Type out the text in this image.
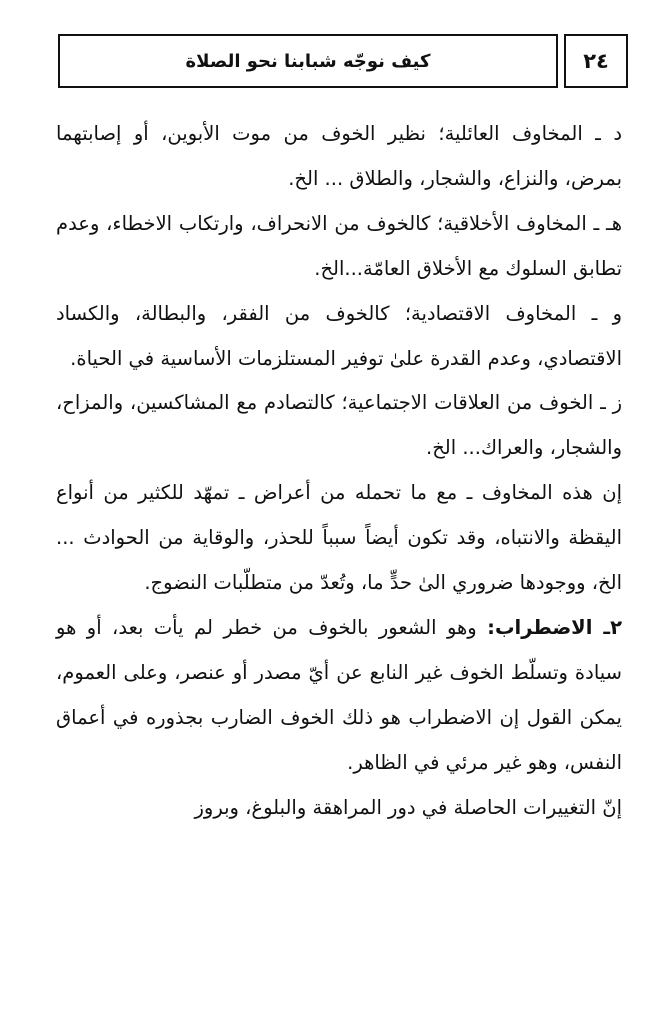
٢٤
كيف نوجّه شبابنا نحو الصلاة

د ـ المخاوف العائلية؛ نظير الخوف من موت الأبوين، أو إصابتهما بمرض، والنزاع، والشجار، والطلاق ... الخ.

هـ ـ المخاوف الأخلاقية؛ كالخوف من الانحراف، وارتكاب الاخطاء، وعدم تطابق السلوك مع الأخلاق العامّة...الخ.

و ـ المخاوف الاقتصادية؛ كالخوف من الفقر، والبطالة، والكساد الاقتصادي، وعدم القدرة علىٰ توفير المستلزمات الأساسية في الحياة.

ز ـ الخوف من العلاقات الاجتماعية؛ كالتصادم مع المشاكسين، والمزاح، والشجار، والعراك... الخ.

إن هذه المخاوف ـ مع ما تحمله من أعراض ـ تمهّد للكثير من أنواع اليقظة والانتباه، وقد تكون أيضاً سبباً للحذر، والوقاية من الحوادث ... الخ، ووجودها ضروري الىٰ حدٍّ ما، وتُعدّ من متطلّبات النضوج.

٢ـ الاضطراب: وهو الشعور بالخوف من خطر لم يأت بعد، أو هو سيادة وتسلّط الخوف غير النابع عن أيّ مصدر أو عنصر، وعلى العموم، يمكن القول إن الاضطراب هو ذلك الخوف الضارب بجذوره في أعماق النفس، وهو غير مرئي في الظاهر.

إنّ التغييرات الحاصلة في دور المراهقة والبلوغ، وبروز
